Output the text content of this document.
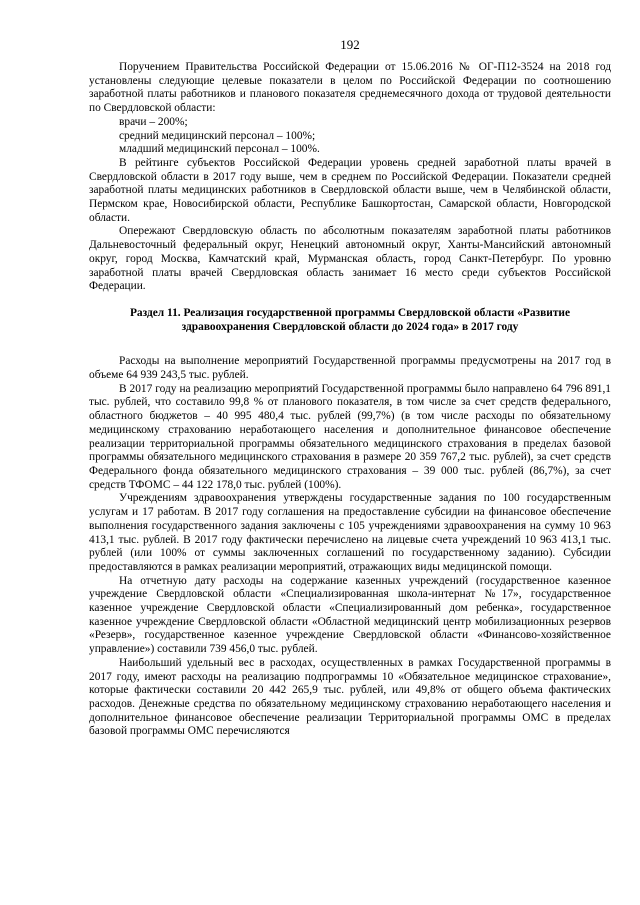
192

Поручением Правительства Российской Федерации от 15.06.2016 № ОГ-П12-3524 на 2018 год установлены следующие целевые показатели в целом по Российской Федерации по соотношению заработной платы работников и планового показателя среднемесячного дохода от трудовой деятельности по Свердловской области:

врачи – 200%;

средний медицинский персонал – 100%;

младший медицинский персонал – 100%.

В рейтинге субъектов Российской Федерации уровень средней заработной платы врачей в Свердловской области в 2017 году выше, чем в среднем по Российской Федерации. Показатели средней заработной платы медицинских работников в Свердловской области выше, чем в Челябинской области, Пермском крае, Новосибирской области, Республике Башкортостан, Самарской области, Новгородской области.

Опережают Свердловскую область по абсолютным показателям заработной платы работников Дальневосточный федеральный округ, Ненецкий автономный округ, Ханты-Мансийский автономный округ, город Москва, Камчатский край, Мурманская область, город Санкт-Петербург. По уровню заработной платы врачей Свердловская область занимает 16 место среди субъектов Российской Федерации.

Раздел 11. Реализация государственной программы Свердловской области «Развитие здравоохранения Свердловской области до 2024 года» в 2017 году

Расходы на выполнение мероприятий Государственной программы предусмотрены на 2017 год в объеме 64 939 243,5 тыс. рублей.

В 2017 году на реализацию мероприятий Государственной программы было направлено 64 796 891,1 тыс. рублей, что составило 99,8 % от планового показателя, в том числе за счет средств федерального, областного бюджетов – 40 995 480,4 тыс. рублей (99,7%) (в том числе расходы по обязательному медицинскому страхованию неработающего населения и дополнительное финансовое обеспечение реализации территориальной программы обязательного медицинского страхования в пределах базовой программы обязательного медицинского страхования в размере 20 359 767,2 тыс. рублей), за счет средств Федерального фонда обязательного медицинского страхования – 39 000 тыс. рублей (86,7%), за счет средств ТФОМС – 44 122 178,0 тыс. рублей (100%).

Учреждениям здравоохранения утверждены государственные задания по 100 государственным услугам и 17 работам. В 2017 году соглашения на предоставление субсидии на финансовое обеспечение выполнения государственного задания заключены с 105 учреждениями здравоохранения на сумму 10 963 413,1 тыс. рублей. В 2017 году фактически перечислено на лицевые счета учреждений 10 963 413,1 тыс. рублей (или 100% от суммы заключенных соглашений по государственному заданию). Субсидии предоставляются в рамках реализации мероприятий, отражающих виды медицинской помощи.

На отчетную дату расходы на содержание казенных учреждений (государственное казенное учреждение Свердловской области «Специализированная школа-интернат №17», государственное казенное учреждение Свердловской области «Специализированный дом ребенка», государственное казенное учреждение Свердловской области «Областной медицинский центр мобилизационных резервов «Резерв», государственное казенное учреждение Свердловской области «Финансово-хозяйственное управление») составили 739 456,0 тыс. рублей.

Наибольший удельный вес в расходах, осуществленных в рамках Государственной программы в 2017 году, имеют расходы на реализацию подпрограммы 10 «Обязательное медицинское страхование», которые фактически составили 20 442 265,9 тыс. рублей, или 49,8% от общего объема фактических расходов. Денежные средства по обязательному медицинскому страхованию неработающего населения и дополнительное финансовое обеспечение реализации Территориальной программы ОМС в пределах базовой программы ОМС перечисляются
